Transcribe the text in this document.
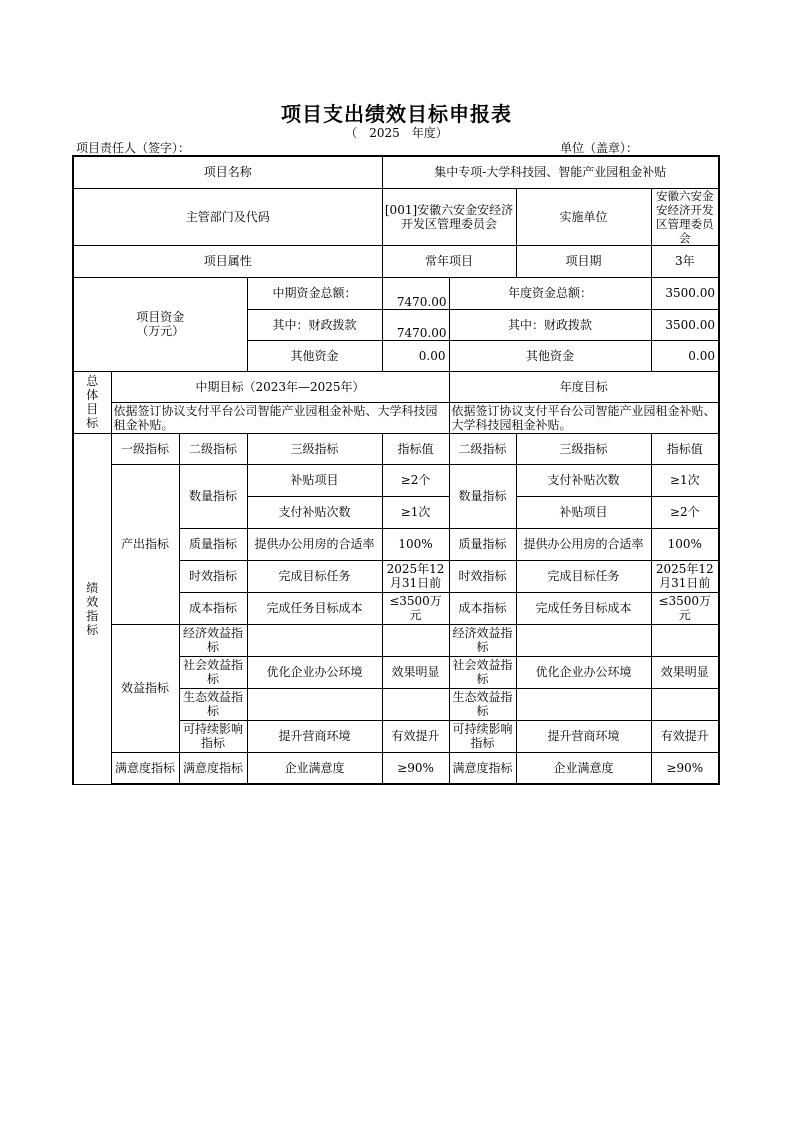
项目支出绩效目标申报表
（ 2025 年度）
项目责任人（签字）：	单位（盖章）：
项目名称				集中专项-大学科技园、智能产业园租金补贴			
主管部门及代码				[001]安徽六安金安经济开发区管理委员会		实施单位	安徽六安金安经济开发区管理委员会
项目属性				常年项目		项目期	3年

项目资金
（万元）			中期资金总额：	7470.00	年度资金总额：		3500.00
			其中：财政拨款	7470.00	其中：财政拨款		3500.00
			其他资金	0.00	其他资金		0.00

总
体
目
标	中期目标（2023年—2025年）				年度目标		
	依据签订协议支付平台公司智能产业园租金补贴、大学科技园租金补贴。				依据签订协议支付平台公司智能产业园租金补贴、大学科技园租金补贴。		

绩
效
指
标	一级指标	二级指标	三级指标	指标值	二级指标	三级指标	指标值
	产出指标	数量指标	补贴项目	≥2个	数量指标	支付补贴次数	≥1次
			支付补贴次数	≥1次		补贴项目	≥2个
		质量指标	提供办公用房的合适率	100%	质量指标	提供办公用房的合适率	100%
		时效指标	完成目标任务	2025年12月31日前	时效指标	完成目标任务	2025年12月31日前
		成本指标	完成任务目标成本	≤3500万元	成本指标	完成任务目标成本	≤3500万元
	效益指标	经济效益指标			经济效益指标		
		社会效益指标	优化企业办公环境	效果明显	社会效益指标	优化企业办公环境	效果明显
		生态效益指标			生态效益指标		
		可持续影响指标	提升营商环境	有效提升	可持续影响指标	提升营商环境	有效提升
	满意度指标	满意度指标	企业满意度	≥90%	满意度指标	企业满意度	≥90%
